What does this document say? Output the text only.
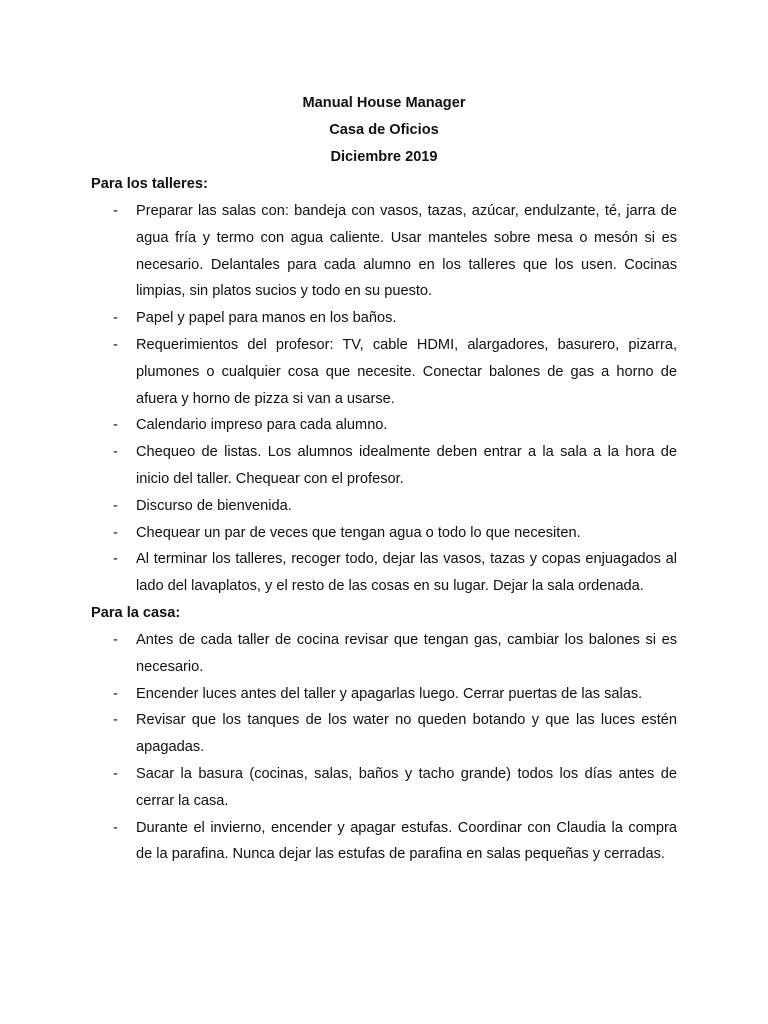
Manual House Manager
Casa de Oficios
Diciembre 2019

Para los talleres:

- Preparar las salas con: bandeja con vasos, tazas, azúcar, endulzante, té, jarra de agua fría y termo con agua caliente. Usar manteles sobre mesa o mesón si es necesario. Delantales para cada alumno en los talleres que los usen. Cocinas limpias, sin platos sucios y todo en su puesto.
- Papel y papel para manos en los baños.
- Requerimientos del profesor: TV, cable HDMI, alargadores, basurero, pizarra, plumones o cualquier cosa que necesite. Conectar balones de gas a horno de afuera y horno de pizza si van a usarse.
- Calendario impreso para cada alumno.
- Chequeo de listas. Los alumnos idealmente deben entrar a la sala a la hora de inicio del taller. Chequear con el profesor.
- Discurso de bienvenida.
- Chequear un par de veces que tengan agua o todo lo que necesiten.
- Al terminar los talleres, recoger todo, dejar las vasos, tazas y copas enjuagados al lado del lavaplatos, y el resto de las cosas en su lugar. Dejar la sala ordenada.

Para la casa:

- Antes de cada taller de cocina revisar que tengan gas, cambiar los balones si es necesario.
- Encender luces antes del taller y apagarlas luego. Cerrar puertas de las salas.
- Revisar que los tanques de los water no queden botando y que las luces estén apagadas.
- Sacar la basura (cocinas, salas, baños y tacho grande) todos los días antes de cerrar la casa.
- Durante el invierno, encender y apagar estufas. Coordinar con Claudia la compra de la parafina. Nunca dejar las estufas de parafina en salas pequeñas y cerradas.
